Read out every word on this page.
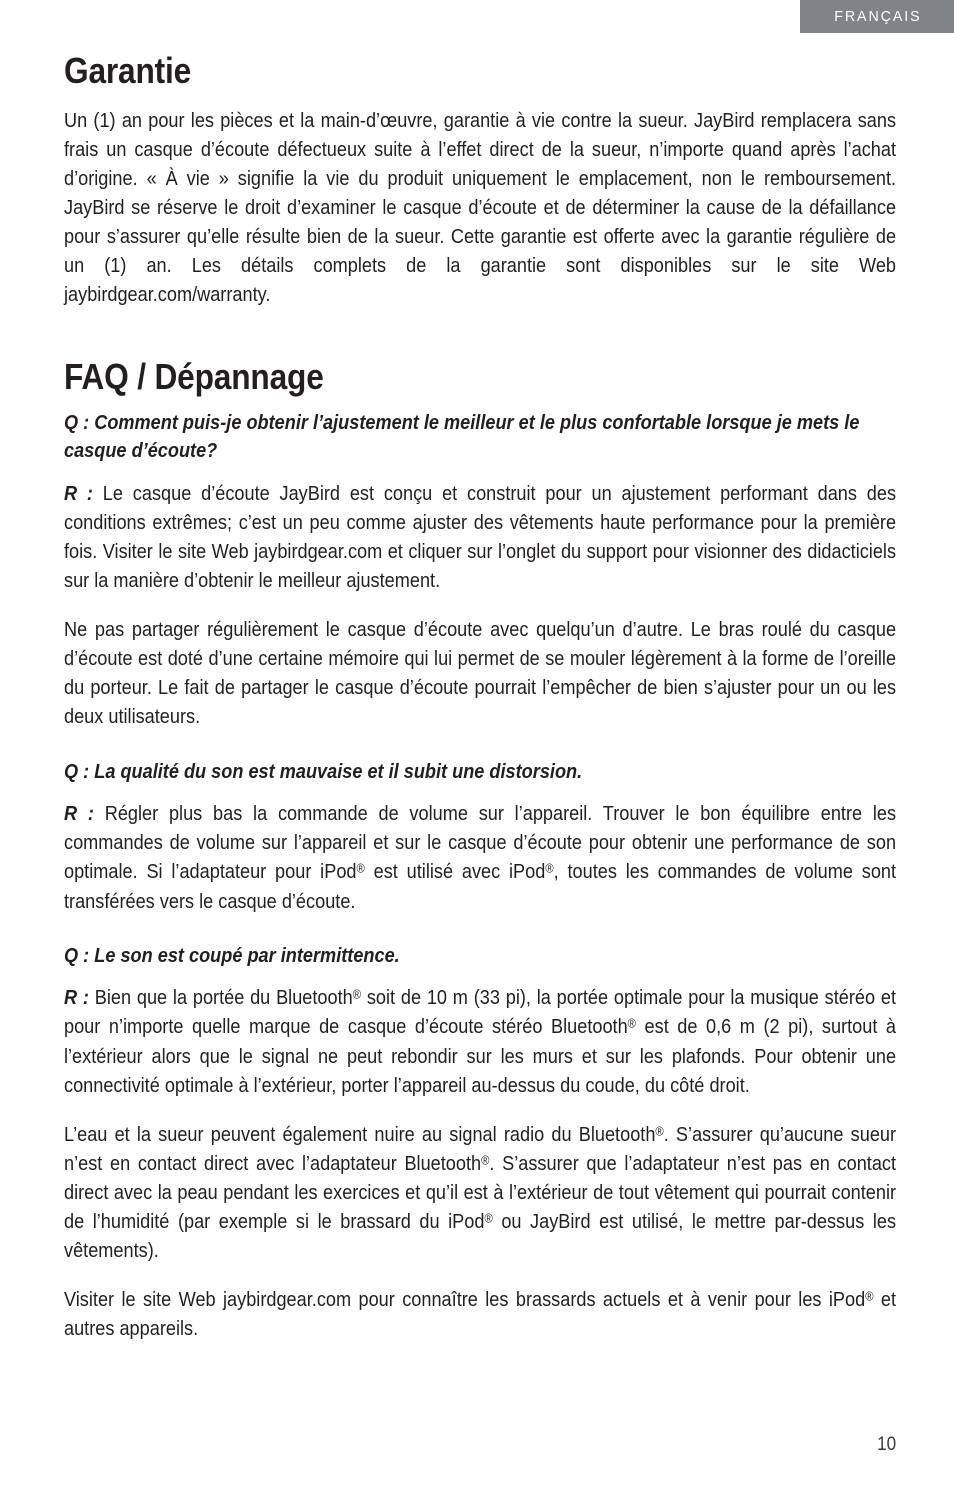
FRANÇAIS
Garantie

Un (1) an pour les pièces et la main-d’œuvre, garantie à vie contre la sueur. JayBird remplacera sans frais un casque d’écoute défectueux suite à l’effet direct de la sueur, n’importe quand après l’achat d’origine. « À vie » signifie la vie du produit uniquement le emplacement, non le remboursement. JayBird se réserve le droit d’examiner le casque d’écoute et de déterminer la cause de la défaillance pour s’assurer qu’elle résulte bien de la sueur. Cette garantie est offerte avec la garantie régulière de un (1) an. Les détails complets de la garantie sont disponibles sur le site Web jaybirdgear.com/warranty.

FAQ / Dépannage

Q : Comment puis-je obtenir l’ajustement le meilleur et le plus confortable lorsque je mets le casque d’écoute?

R : Le casque d’écoute JayBird est conçu et construit pour un ajustement performant dans des conditions extrêmes; c’est un peu comme ajuster des vêtements haute performance pour la première fois. Visiter le site Web jaybirdgear.com et cliquer sur l’onglet du support pour visionner des didacticiels sur la manière d’obtenir le meilleur ajustement.

Ne pas partager régulièrement le casque d’écoute avec quelqu’un d’autre. Le bras roulé du casque d’écoute est doté d’une certaine mémoire qui lui permet de se mouler légèrement à la forme de l’oreille du porteur. Le fait de partager le casque d’écoute pourrait l’empêcher de bien s’ajuster pour un ou les deux utilisateurs.

Q : La qualité du son est mauvaise et il subit une distorsion.

R : Régler plus bas la commande de volume sur l’appareil. Trouver le bon équilibre entre les commandes de volume sur l’appareil et sur le casque d’écoute pour obtenir une performance de son optimale. Si l’adaptateur pour iPod® est utilisé avec iPod®, toutes les commandes de volume sont transférées vers le casque d’écoute.

Q : Le son est coupé par intermittence.

R : Bien que la portée du Bluetooth® soit de 10 m (33 pi), la portée optimale pour la musique stéréo et pour n’importe quelle marque de casque d’écoute stéréo Bluetooth® est de 0,6 m (2 pi), surtout à l’extérieur alors que le signal ne peut rebondir sur les murs et sur les plafonds. Pour obtenir une connectivité optimale à l’extérieur, porter l’appareil au-dessus du coude, du côté droit.

L’eau et la sueur peuvent également nuire au signal radio du Bluetooth®. S’assurer qu’aucune sueur n’est en contact direct avec l’adaptateur Bluetooth®. S’assurer que l’adaptateur n’est pas en contact direct avec la peau pendant les exercices et qu’il est à l’extérieur de tout vêtement qui pourrait contenir de l’humidité (par exemple si le brassard du iPod® ou JayBird est utilisé, le mettre par-dessus les vêtements).

Visiter le site Web jaybirdgear.com pour connaître les brassards actuels et à venir pour les iPod® et autres appareils.

10
